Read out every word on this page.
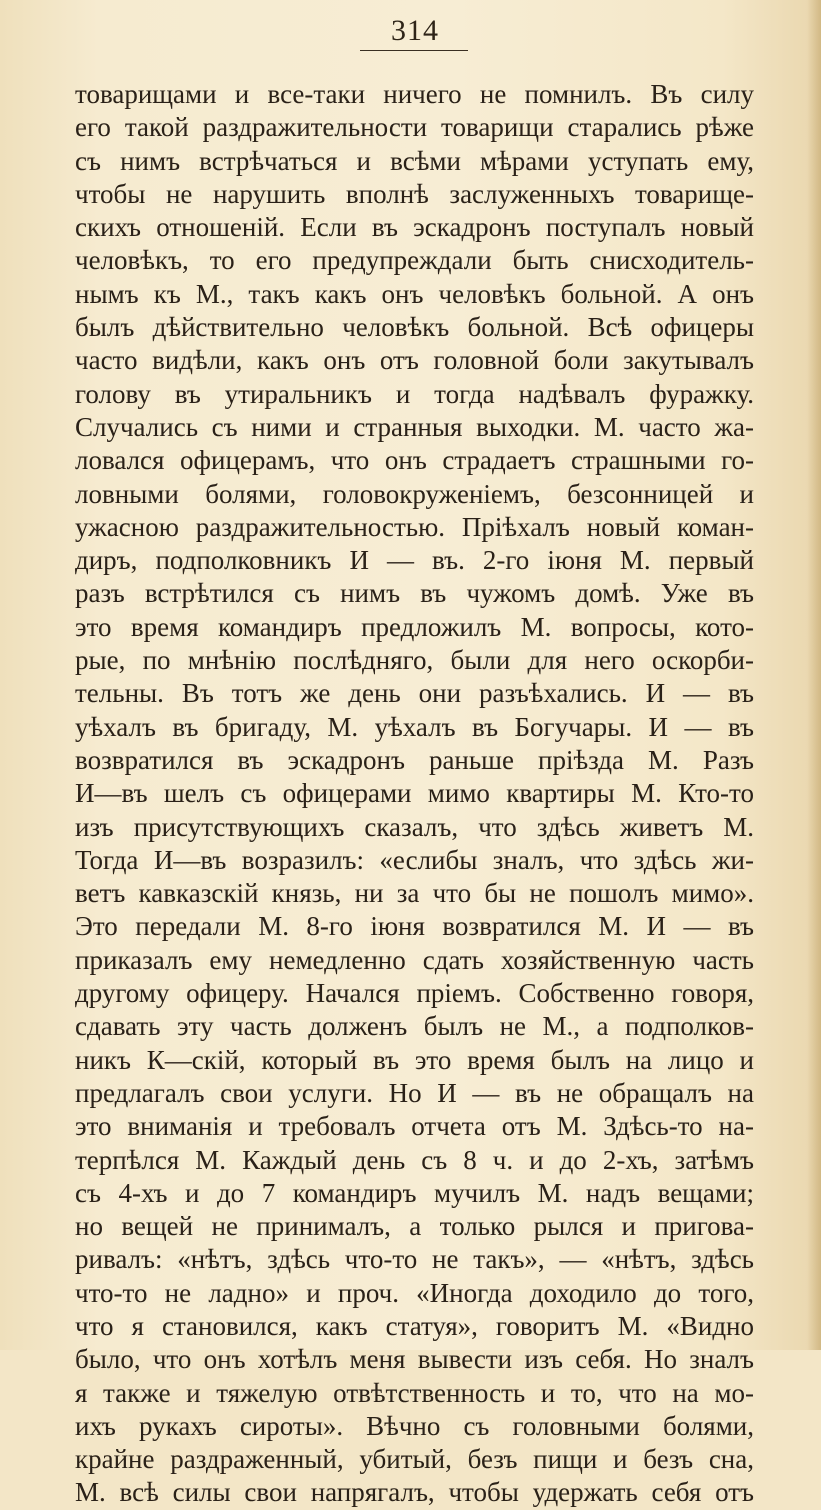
314
товарищами и все-таки ничего не помнилъ. Въ силу
его такой раздражительности товарищи старались рѣже
съ нимъ встрѣчаться и всѣми мѣрами уступать ему,
чтобы не нарушить вполнѣ заслуженныхъ товарище-
скихъ отношеній. Если въ эскадронъ поступалъ новый
человѣкъ, то его предупреждали быть снисходитель-
нымъ къ М., такъ какъ онъ человѣкъ больной. А онъ
былъ дѣйствительно человѣкъ больной. Всѣ офицеры
часто видѣли, какъ онъ отъ головной боли закутывалъ
голову въ утиральникъ и тогда надѣвалъ фуражку.
Случались съ ними и странныя выходки. М. часто жа-
ловался офицерамъ, что онъ страдаетъ страшными го-
ловными болями, головокруженіемъ, безсонницей и
ужасною раздражительностью. Пріѣхалъ новый коман-
диръ, подполковникъ И — въ. 2-го іюня М. первый
разъ встрѣтился съ нимъ въ чужомъ домѣ. Уже въ
это время командиръ предложилъ М. вопросы, кото-
рые, по мнѣнію послѣдняго, были для него оскорби-
тельны. Въ тотъ же день они разъѣхались. И — въ
уѣхалъ въ бригаду, М. уѣхалъ въ Богучары. И — въ
возвратился въ эскадронъ раньше пріѣзда М. Разъ
И—въ шелъ съ офицерами мимо квартиры М. Кто-то
изъ присутствующихъ сказалъ, что здѣсь живетъ М.
Тогда И—въ возразилъ: «еслибы зналъ, что здѣсь жи-
ветъ кавказскій князь, ни за что бы не пошолъ мимо».
Это передали М. 8-го іюня возвратился М. И — въ
приказалъ ему немедленно сдать хозяйственную часть
другому офицеру. Начался пріемъ. Собственно говоря,
сдавать эту часть долженъ былъ не М., а подполков-
никъ К—скій, который въ это время былъ на лицо и
предлагалъ свои услуги. Но И — въ не обращалъ на
это вниманія и требовалъ отчета отъ М. Здѣсь-то на-
терпѣлся М. Каждый день съ 8 ч. и до 2-хъ, затѣмъ
съ 4-хъ и до 7 командиръ мучилъ М. надъ вещами;
но вещей не принималъ, а только рылся и пригова-
ривалъ: «нѣтъ, здѣсь что-то не такъ», — «нѣтъ, здѣсь
что-то не ладно» и проч. «Иногда доходило до того,
что я становился, какъ статуя», говоритъ М. «Видно
было, что онъ хотѣлъ меня вывести изъ себя. Но зналъ
я также и тяжелую отвѣтственность и то, что на мо-
ихъ рукахъ сироты». Вѣчно съ головными болями,
крайне раздраженный, убитый, безъ пищи и безъ сна,
М. всѣ силы свои напрягалъ, чтобы удержать себя отъ
